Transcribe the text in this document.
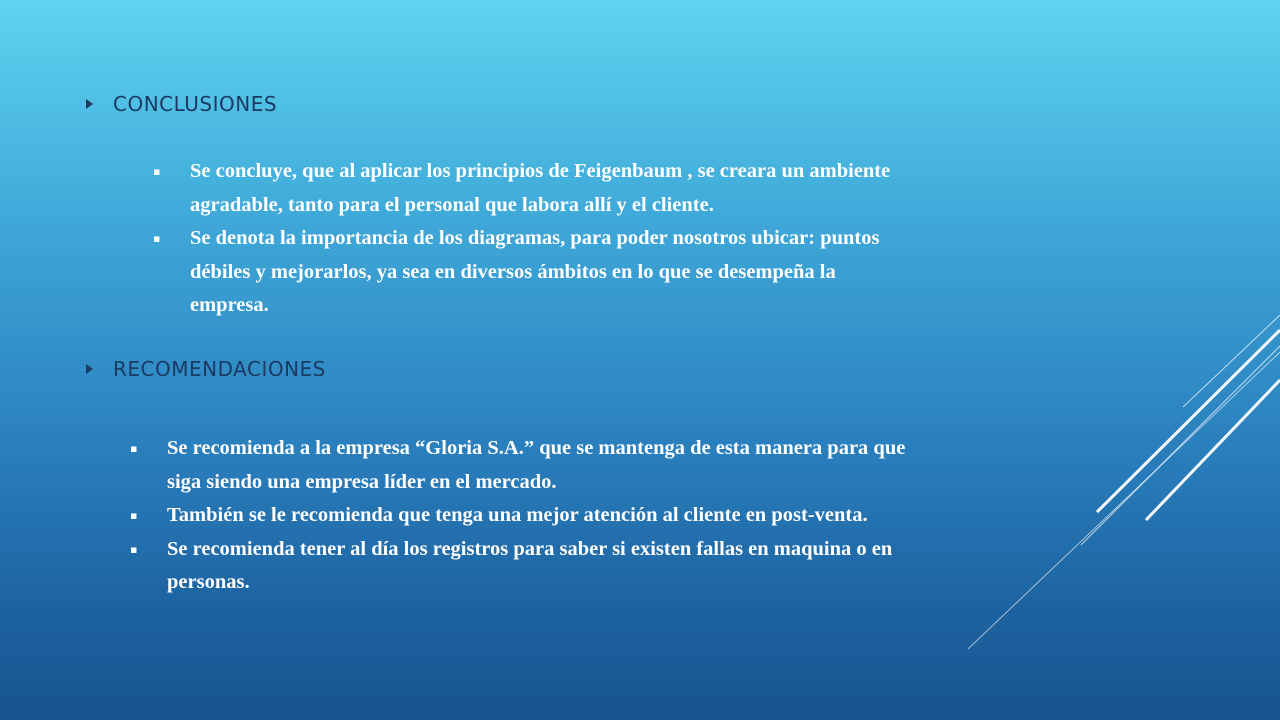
CONCLUSIONES
▪ Se concluye, que al aplicar los principios de Feigenbaum , se creara un ambiente agradable, tanto para el personal que labora allí y el cliente.
▪ Se denota la importancia de los diagramas, para poder nosotros ubicar: puntos débiles y mejorarlos, ya sea en diversos ámbitos en lo que se desempeña la empresa.
RECOMENDACIONES
▪ Se recomienda a la empresa “Gloria S.A.” que se mantenga de esta manera para que siga siendo una empresa líder en el mercado.
▪ También se le recomienda que tenga una mejor atención al cliente en post-venta.
▪ Se recomienda tener al día los registros para saber si existen fallas en maquina o en personas.
